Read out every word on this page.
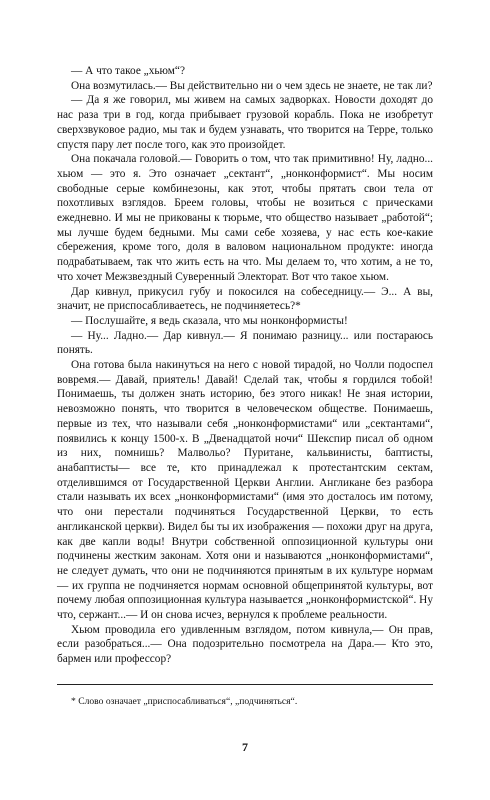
— А что такое „хьюм“?

Она возмутилась.— Вы действительно ни о чем здесь не знаете, не так ли?

— Да я же говорил, мы живем на самых задворках. Новости доходят до нас раза три в год, когда прибывает грузовой корабль. Пока не изобретут сверхзвуковое радио, мы так и будем узнавать, что творится на Терре, только спустя пару лет после того, как это произойдет.

Она покачала головой.— Говорить о том, что так примитивно! Ну, ладно... хьюм — это я. Это означает „сектант“, „нонконформист“. Мы носим свободные серые комбинезоны, как этот, чтобы прятать свои тела от похотливых взглядов. Бреем головы, чтобы не возиться с прическами ежедневно. И мы не прикованы к тюрьме, что общество называет „работой“; мы лучше будем бедными. Мы сами себе хозяева, у нас есть кое-какие сбережения, кроме того, доля в валовом национальном продукте: иногда подрабатываем, так что жить есть на что. Мы делаем то, что хотим, а не то, что хочет Межзвездный Суверенный Электорат. Вот что такое хьюм.

Дар кивнул, прикусил губу и покосился на собеседницу.— Э... А вы, значит, не приспосабливаетесь, не подчиняетесь?*

— Послушайте, я ведь сказала, что мы нонконформисты!

— Ну... Ладно.— Дар кивнул.— Я понимаю разницу... или постараюсь понять.

Она готова была накинуться на него с новой тирадой, но Чолли подоспел вовремя.— Давай, приятель! Давай! Сделай так, чтобы я гордился тобой! Понимаешь, ты должен знать историю, без этого никак! Не зная истории, невозможно понять, что творится в человеческом обществе. Понимаешь, первые из тех, что называли себя „нонконформистами“ или „сектантами“, появились к концу 1500-х. В „Двенадцатой ночи“ Шекспир писал об одном из них, помнишь? Малвольо? Пуритане, кальвинисты, баптисты, анабаптисты— все те, кто принадлежал к протестантским сектам, отделившимся от Государственной Церкви Англии. Англикане без разбора стали называть их всех „нонконформистами“ (имя это досталось им потому, что они перестали подчиняться Государственной Церкви, то есть англиканской церкви). Видел бы ты их изображения — похожи друг на друга, как две капли воды! Внутри собственной оппозиционной культуры они подчинены жестким законам. Хотя они и называются „нонконформистами“, не следует думать, что они не подчиняются принятым в их культуре нормам — их группа не подчиняется нормам основной общепринятой культуры, вот почему любая оппозиционная культура называется „нонконформистской“. Ну что, сержант...— И он снова исчез, вернулся к проблеме реальности.

Хьюм проводила его удивленным взглядом, потом кивнула,— Он прав, если разобраться...— Она подозрительно посмотрела на Дара.— Кто это, бармен или профессор?

* Слово означает „приспосабливаться“, „подчиняться“.

7
